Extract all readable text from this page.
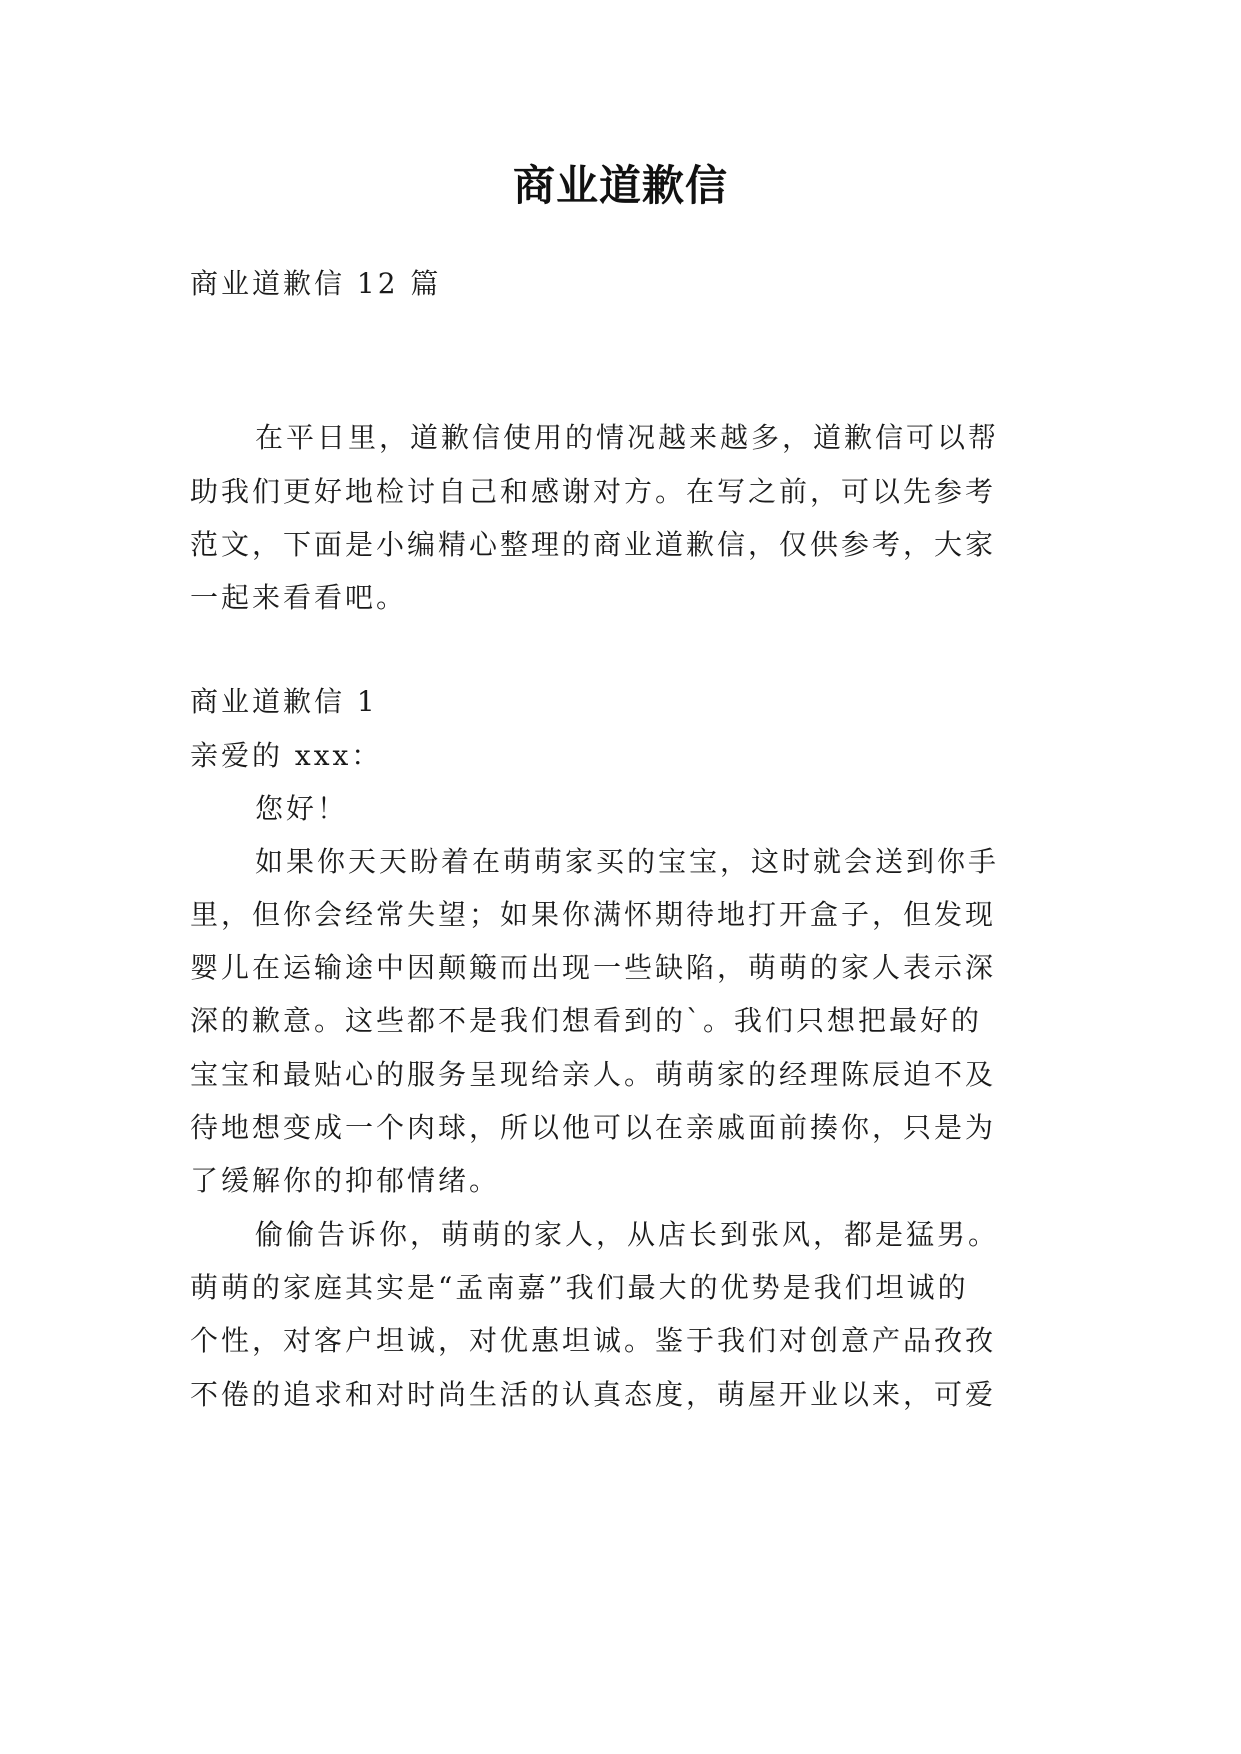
商业道歉信
商业道歉信 12 篇
在平日里，道歉信使用的情况越来越多，道歉信可以帮
助我们更好地检讨自己和感谢对方。在写之前，可以先参考
范文，下面是小编精心整理的商业道歉信，仅供参考，大家
一起来看看吧。
商业道歉信 1
亲爱的 xxx：
您好！
如果你天天盼着在萌萌家买的宝宝，这时就会送到你手
里，但你会经常失望；如果你满怀期待地打开盒子，但发现
婴儿在运输途中因颠簸而出现一些缺陷，萌萌的家人表示深
深的歉意。这些都不是我们想看到的`。我们只想把最好的
宝宝和最贴心的服务呈现给亲人。萌萌家的经理陈辰迫不及
待地想变成一个肉球，所以他可以在亲戚面前揍你，只是为
了缓解你的抑郁情绪。
偷偷告诉你，萌萌的家人，从店长到张风，都是猛男。
萌萌的家庭其实是“孟南嘉”我们最大的优势是我们坦诚的
个性，对客户坦诚，对优惠坦诚。鉴于我们对创意产品孜孜
不倦的追求和对时尚生活的认真态度，萌屋开业以来，可爱
